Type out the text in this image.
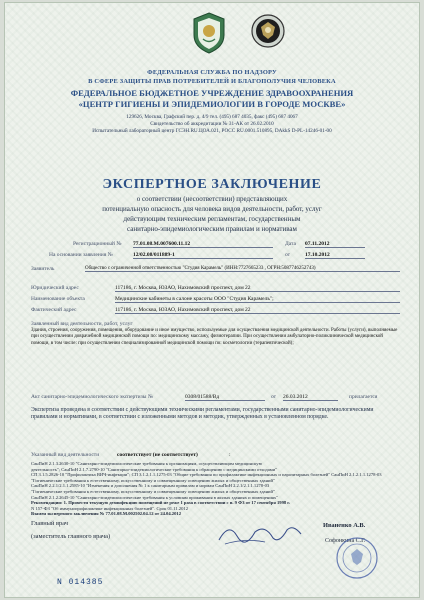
ФЕДЕРАЛЬНАЯ СЛУЖБА ПО НАДЗОРУ
В СФЕРЕ ЗАЩИТЫ ПРАВ ПОТРЕБИТЕЛЕЙ И БЛАГОПОЛУЧИЯ ЧЕЛОВЕКА
ФЕДЕРАЛЬНОЕ БЮДЖЕТНОЕ УЧРЕЖДЕНИЕ ЗДРАВООХРАНЕНИЯ
«ЦЕНТР ГИГИЕНЫ И ЭПИДЕМИОЛОГИИ В ГОРОДЕ МОСКВЕ»
129626, Москва, Графский пер. д. 4/9 тел. (495) 687 4035, факс (495) 687 4067
Свидетельство об аккредитации № 31-АК от 26.02.2010
Испытательный лабораторный центр ГСЭН.RU.ЦОА.021, РОСС RU.0001.510895, DAkkS D-PL-14246-01-00
ЭКСПЕРТНОЕ ЗАКЛЮЧЕНИЕ
о соответствии (несоответствии) представляющих
потенциальную опасность для человека видов деятельности, работ, услуг
действующим техническим регламентам, государственным
санитарно-эпидемиологическим правилам и нормативам
Регистрационный № 77.01.08.М.007600.11.12	Дата 07.11.2012
На основании заявления №	12/02.08/011889-1	от	17.10.2012
Заявитель	Общество с ограниченной ответственностью "Студия Карамель" (ИНН:7727665233 , ОГРН:5087746252743)
Юридический адрес	117186, г. Москва, ЮЗАО, Нахимовский проспект, дом 22
Наименование объекта	Медицинские кабинеты в салоне красоты ООО "Студия Карамель";
Фактический адрес	117186, г. Москва, ЮЗАО, Нахимовский проспект, дом 22
Заявленный вид деятельности, работ, услуг
Здания, строения, сооружения, помещения, оборудование и иное имущество, используемые для осуществления медицинской деятельности. Работы (услуги), выполняемые при осуществлении доврачебной медицинской помощи по: медицинскому массажу, физиотерапии. При осуществлении амбулаторно-поликлинической медицинской помощи, в том числе: при осуществлении специализированной медицинской помощи по: косметологии (терапевтической);
Акт санитарно-эпидемиологического экспертизы №	0308/01588/Вд	от 26.03.2012	прилагается
Экспертиза проведена в соответствии с действующими техническими регламентами, государственными санитарно-эпидемиологическими правилами и нормативами, в соответствии с изложенными методов и методик, утвержденных в установленном порядке.
Указанный вид деятельности	соответствует (не соответствует)	:
СанПиН 2.1.3.2630-10 "Санитарно-эпидемиологические требования к организациям, осуществляющим медицинскую
деятельность"; СанПиН 2.1.7.2790-10 "Санитарно-эпидемиологические требования к обращению с медицинскими отходами"
СП 3.1.5.2826-10 "Профилактика ВИЧ-инфекции"; СП 3.1.2.1.1.1275-03 "Общие требования по профилактике инфекционных и паразитарных болезней" СанПиН 2.1.2.1.1.1278-03
"Гигиенические требования к естественному, искусственному и совмещенному освещению жилых и общественных зданий"
СанПиН 2.2.1/2.1.1.2585-10 "Изменения и дополнения № 1 к санитарным правилам и нормам СанПиН 2.2.1/2.1.1.1278-03
"Гигиенические требования к естественному, искусственному и совмещенному освещению жилых и общественных зданий"
СанПиН 2.1.2.2645-10 "Санитарно-эпидемиологические требования к условиям проживания в жилых зданиях и помещениях"
Рекомендации: 1. Провести текущую дезинфекцию помещений не реже 1 раза в соответствии с п. 9 ФЗ от 17 сентября 1998 г.
N 157-ФЗ "Об иммунопрофилактике инфекционных болезней". Срок 01.11.2012
Взамен экспертного заключения № 77.01.08.М.002502.04.12 от 24.04.2012
Главный врач
(заместитель главного врача)
Иваненко А.В.
Софонкина С.Г.
N 014385
